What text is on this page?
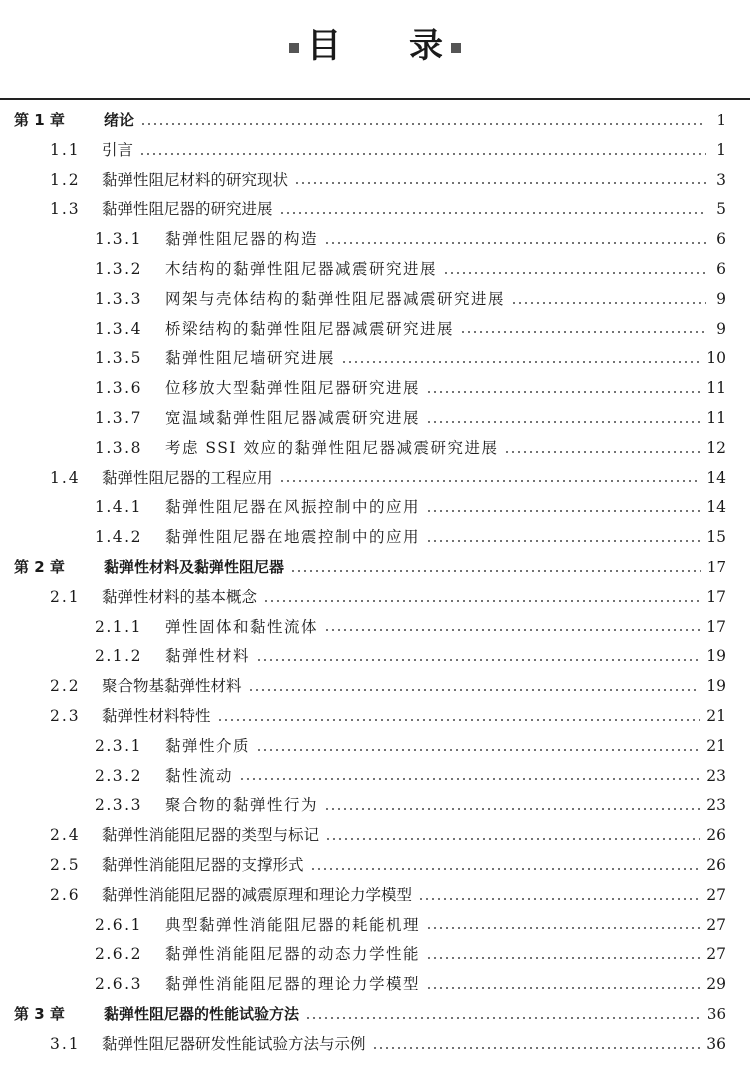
目　　录
第 1 章	绪论	1
1.1	引言	1
1.2	黏弹性阻尼材料的研究现状	3
1.3	黏弹性阻尼器的研究进展	5
1.3.1	黏弹性阻尼器的构造	6
1.3.2	木结构的黏弹性阻尼器减震研究进展	6
1.3.3	网架与壳体结构的黏弹性阻尼器减震研究进展	9
1.3.4	桥梁结构的黏弹性阻尼器减震研究进展	9
1.3.5	黏弹性阻尼墙研究进展	10
1.3.6	位移放大型黏弹性阻尼器研究进展	11
1.3.7	宽温域黏弹性阻尼器减震研究进展	11
1.3.8	考虑 SSI 效应的黏弹性阻尼器减震研究进展	12
1.4	黏弹性阻尼器的工程应用	14
1.4.1	黏弹性阻尼器在风振控制中的应用	14
1.4.2	黏弹性阻尼器在地震控制中的应用	15
第 2 章	黏弹性材料及黏弹性阻尼器	17
2.1	黏弹性材料的基本概念	17
2.1.1	弹性固体和黏性流体	17
2.1.2	黏弹性材料	19
2.2	聚合物基黏弹性材料	19
2.3	黏弹性材料特性	21
2.3.1	黏弹性介质	21
2.3.2	黏性流动	23
2.3.3	聚合物的黏弹性行为	23
2.4	黏弹性消能阻尼器的类型与标记	26
2.5	黏弹性消能阻尼器的支撑形式	26
2.6	黏弹性消能阻尼器的减震原理和理论力学模型	27
2.6.1	典型黏弹性消能阻尼器的耗能机理	27
2.6.2	黏弹性消能阻尼器的动态力学性能	27
2.6.3	黏弹性消能阻尼器的理论力学模型	29
第 3 章	黏弹性阻尼器的性能试验方法	36
3.1	黏弹性阻尼器研发性能试验方法与示例	36
